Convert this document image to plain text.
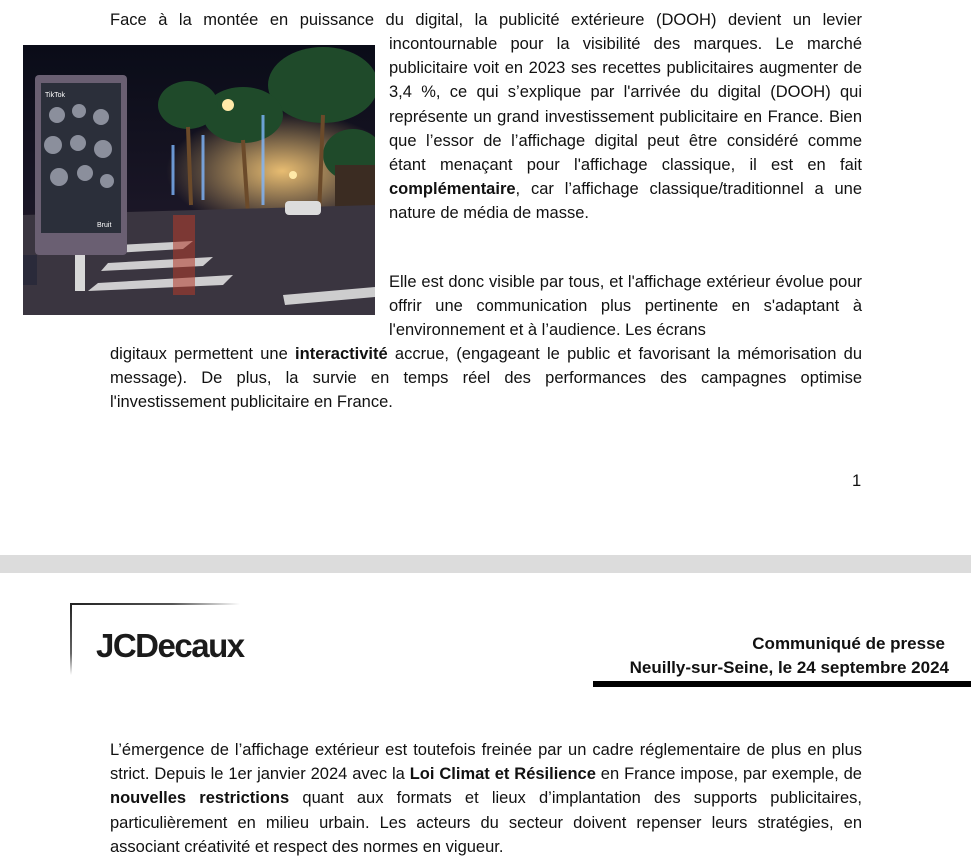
Face à la montée en puissance du digital, la publicité extérieure (DOOH) devient un levier
TikTok
Bruit
incontournable pour la visibilité des marques. Le marché publicitaire voit en 2023 ses recettes publicitaires augmenter de 3,4 %, ce qui s’explique par l'arrivée du digital (DOOH) qui représente un grand investissement publicitaire en France. Bien que l’essor de l’affichage digital peut être considéré comme étant menaçant pour l'affichage classique, il est en fait complémentaire, car l’affichage classique/traditionnel a une nature de média de masse.
Elle est donc visible par tous, et l'affichage extérieur évolue pour offrir une communication plus pertinente en s'adaptant à l'environnement et à l’audience. Les écrans
digitaux permettent une interactivité accrue, (engageant le public et favorisant la mémorisation du message). De plus, la survie en temps réel des performances des campagnes optimise l'investissement publicitaire en France.
1
JCDecaux	Communiqué de presse
Neuilly-sur-Seine, le 24 septembre 2024
L’émergence de l’affichage extérieur est toutefois freinée par un cadre réglementaire de plus en plus strict. Depuis le 1er janvier 2024 avec la Loi Climat et Résilience en France impose, par exemple, de nouvelles restrictions quant aux formats et lieux d’implantation des supports publicitaires, particulièrement en milieu urbain. Les acteurs du secteur doivent repenser leurs stratégies, en associant créativité et respect des normes en vigueur.
